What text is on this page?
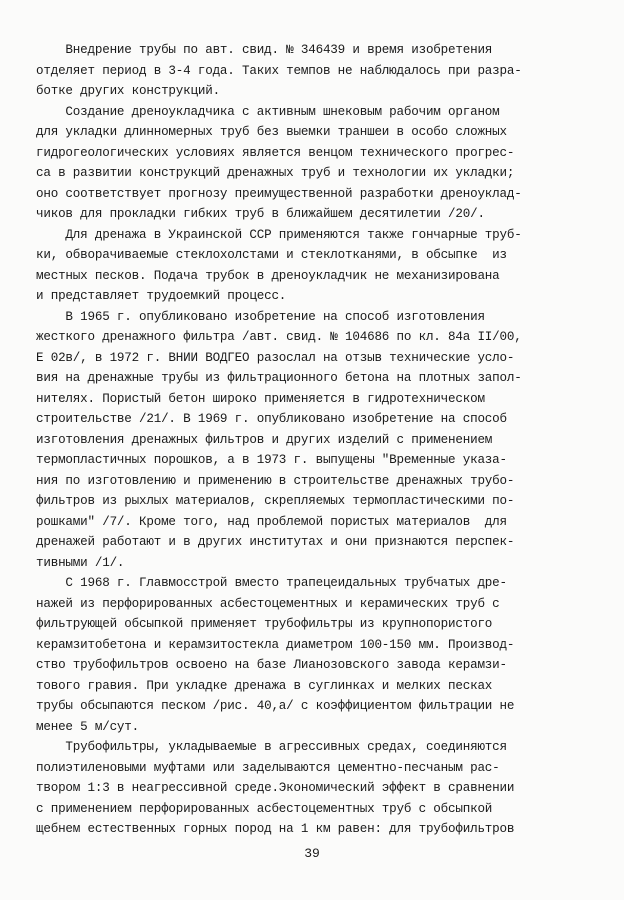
Внедрение трубы по авт. свид. № 346439 и время изобретения
отделяет период в 3-4 года. Таких темпов не наблюдалось при разра-
ботке других конструкций.
Создание дреноукладчика с активным шнековым рабочим органом
для укладки длинномерных труб без выемки траншеи в особо сложных
гидрогеологических условиях является венцом технического прогрес-
са в развитии конструкций дренажных труб и технологии их укладки;
оно соответствует прогнозу преимущественной разработки дреноуклад-
чиков для прокладки гибких труб в ближайшем десятилетии /20/.
Для дренажа в Украинской ССР применяются также гончарные труб-
ки, обворачиваемые стеклохолстами и стеклотканями, в обсыпке  из
местных песков. Подача трубок в дреноукладчик не механизирована
и представляет трудоемкий процесс.
В 1965 г. опубликовано изобретение на способ изготовления
жесткого дренажного фильтра /авт. свид. № 104686 по кл. 84а II/00,
Е 02в/, в 1972 г. ВНИИ ВОДГЕО разослал на отзыв технические усло-
вия на дренажные трубы из фильтрационного бетона на плотных запол-
нителях. Пористый бетон широко применяется в гидротехническом
строительстве /21/. В 1969 г. опубликовано изобретение на способ
изготовления дренажных фильтров и других изделий с применением
термопластичных порошков, а в 1973 г. выпущены "Временные указа-
ния по изготовлению и применению в строительстве дренажных трубо-
фильтров из рыхлых материалов, скрепляемых термопластическими по-
рошками" /7/. Кроме того, над проблемой пористых материалов  для
дренажей работают и в других институтах и они признаются перспек-
тивными /1/.
С 1968 г. Главмосстрой вместо трапецеидальных трубчатых дре-
нажей из перфорированных асбестоцементных и керамических труб с
фильтрующей обсыпкой применяет трубофильтры из крупнопористого
керамзитобетона и керамзитостекла диаметром 100-150 мм. Производ-
ство трубофильтров освоено на базе Лианозовского завода керамзи-
тового гравия. При укладке дренажа в суглинках и мелких песках
трубы обсыпаются песком /рис. 40,а/ с коэффициентом фильтрации не
менее 5 м/сут.
Трубофильтры, укладываемые в агрессивных средах, соединяются
полиэтиленовыми муфтами или заделываются цементно-песчаным рас-
твором 1:3 в неагрессивной среде.Экономический эффект в сравнении
с применением перфорированных асбестоцементных труб с обсыпкой
щебнем естественных горных пород на 1 км равен: для трубофильтров
39
